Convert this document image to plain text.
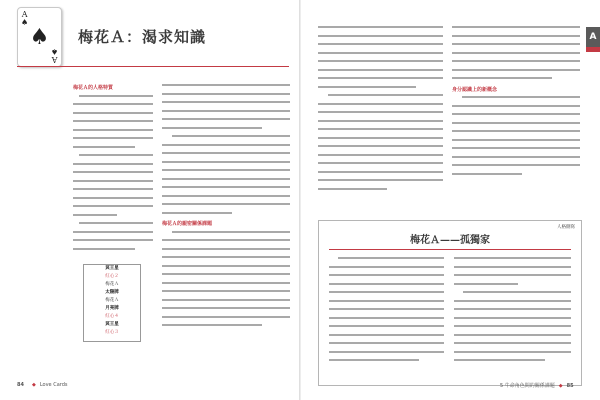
A
♠
♠
A
♠
梅花Ａ：渴求知識
梅花Ａ的人格特質
冥王星
紅心２
梅花Ａ
太陽牌
梅花Ａ
月亮牌
紅心４
冥王星
紅心３
梅花Ａ的親密關係課題
84 ◆ Love Cards
A
身分認識上的新概念
人格側寫
梅花Ａ——孤獨家
5 牛命角色間的關係課題 ◆ 85
